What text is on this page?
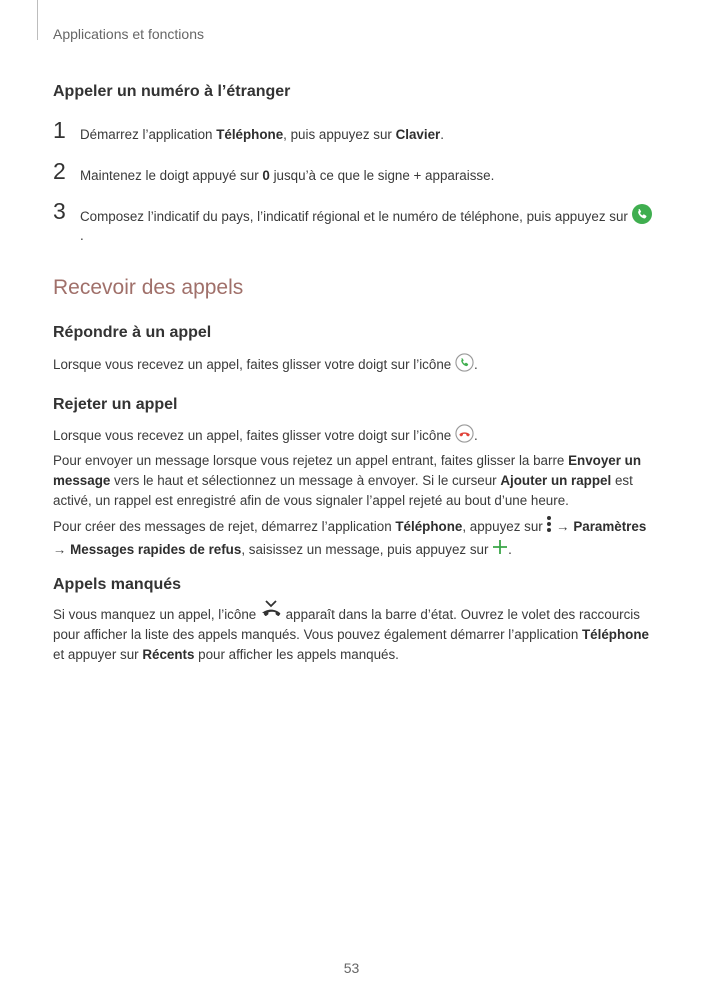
Applications et fonctions
Appeler un numéro à l’étranger
1 Démarrez l’application Téléphone, puis appuyez sur Clavier.
2 Maintenez le doigt appuyé sur 0 jusqu’à ce que le signe + apparaisse.
3 Composez l’indicatif du pays, l’indicatif régional et le numéro de téléphone, puis appuyez sur
.
Recevoir des appels
Répondre à un appel

Lorsque vous recevez un appel, faites glisser votre doigt sur l’icône .

Rejeter un appel

Lorsque vous recevez un appel, faites glisser votre doigt sur l’icône .

Pour envoyer un message lorsque vous rejetez un appel entrant, faites glisser la barre Envoyer un
message vers le haut et sélectionnez un message à envoyer. Si le curseur Ajouter un rappel est
activé, un rappel est enregistré afin de vous signaler l’appel rejeté au bout d’une heure.

Pour créer des messages de rejet, démarrez l’application Téléphone, appuyez sur  → Paramètres
→ Messages rapides de refus, saisissez un message, puis appuyez sur .

Appels manqués

Si vous manquez un appel, l’icône  apparaît dans la barre d’état. Ouvrez le volet des raccourcis
pour afficher la liste des appels manqués. Vous pouvez également démarrer l’application Téléphone
et appuyer sur Récents pour afficher les appels manqués.

53
